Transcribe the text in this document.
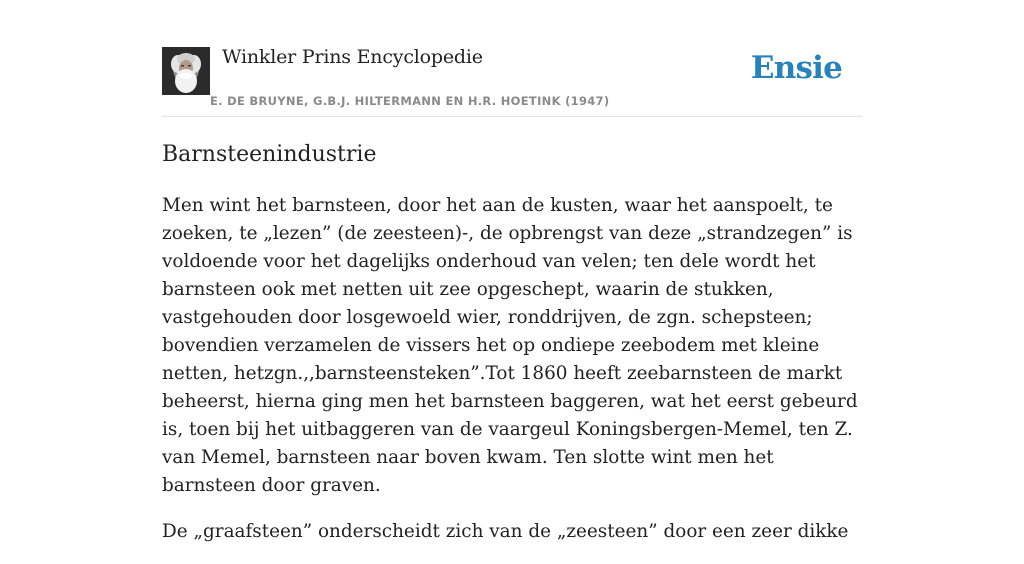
Winkler Prins Encyclopedie
E. DE BRUYNE, G.B.J. HILTERMANN EN H.R. HOETINK (1947)
Ensie
Barnsteenindustrie

Men wint het barnsteen, door het aan de kusten, waar het aanspoelt, te zoeken, te „lezen” (de zeesteen)-, de opbrengst van deze „strandzegen” is voldoende voor het dagelijks onderhoud van velen; ten dele wordt het barnsteen ook met netten uit zee opgeschept, waarin de stukken, vastgehouden door losgewoeld wier, ronddrijven, de zgn. schepsteen; bovendien verzamelen de vissers het op ondiepe zeebodem met kleine netten, hetzgn.,,barnsteensteken”.Tot 1860 heeft zeebarnsteen de markt beheerst, hierna ging men het barnsteen baggeren, wat het eerst gebeurd is, toen bij het uitbaggeren van de vaargeul Koningsbergen-Memel, ten Z. van Memel, barnsteen naar boven kwam. Ten slotte wint men het barnsteen door graven.

De „graafsteen” onderscheidt zich van de „zeesteen” door een zeer dikke
